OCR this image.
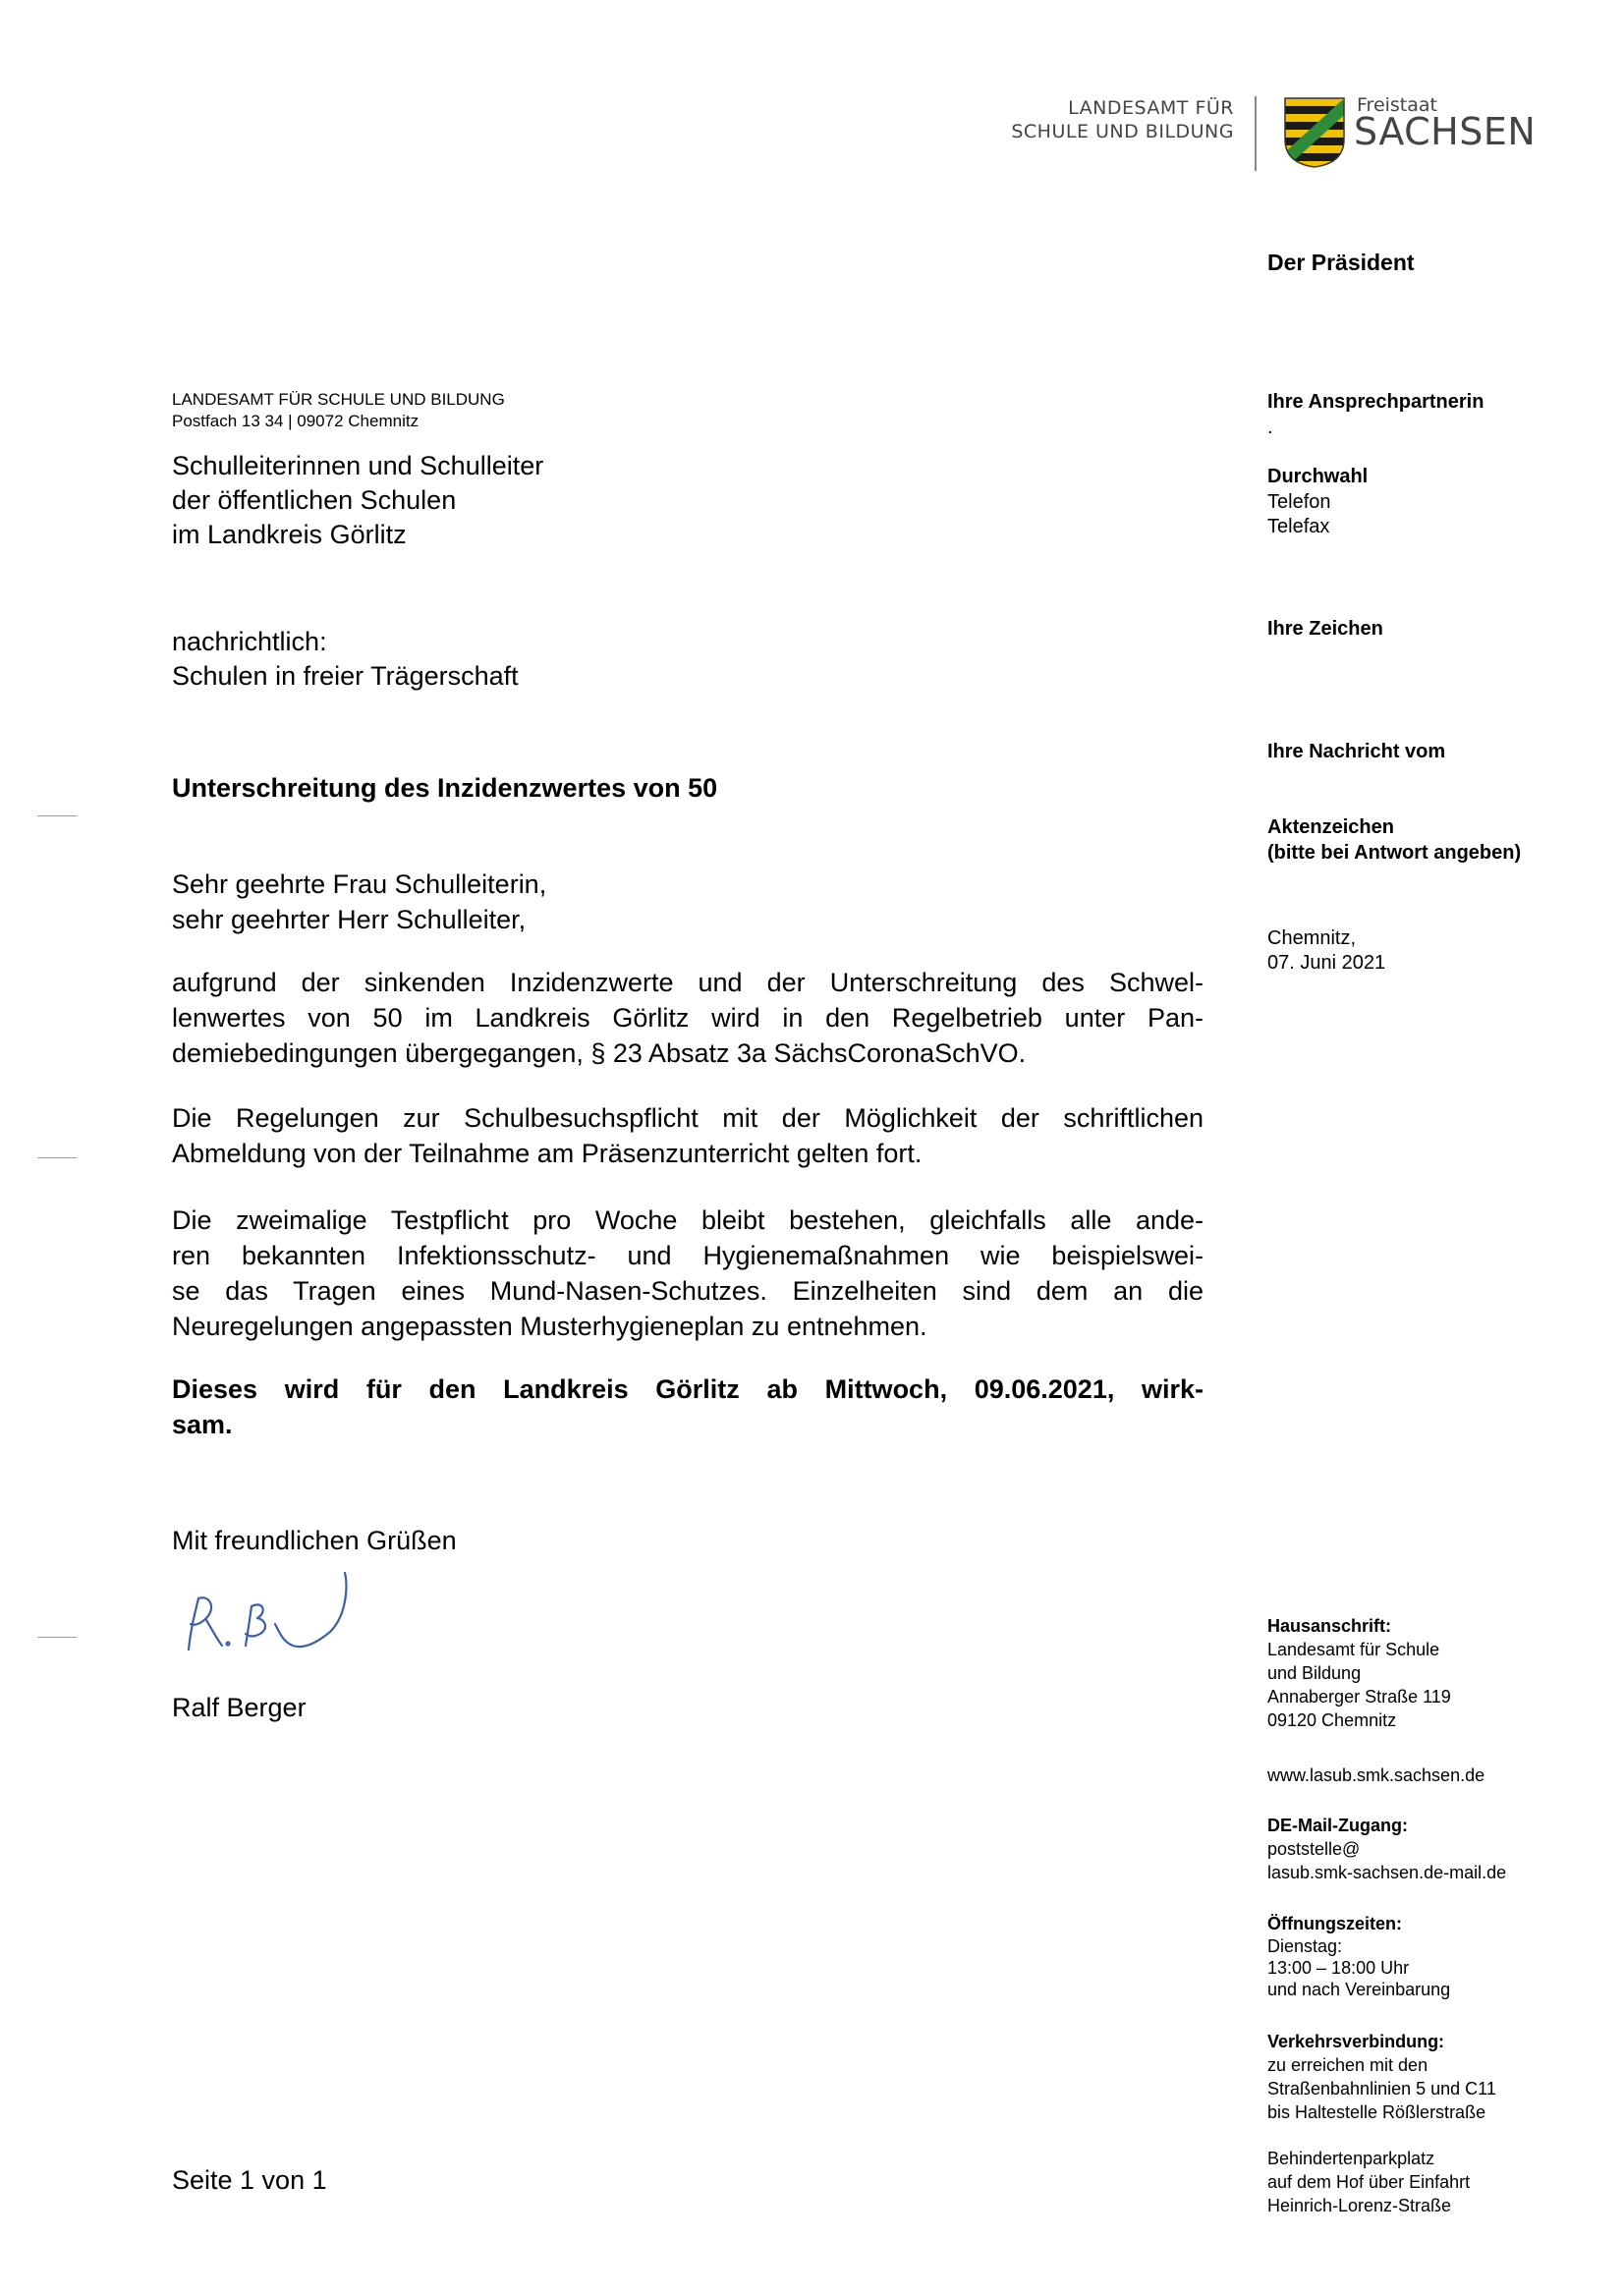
LANDESAMT FÜR
SCHULE UND BILDUNG
Freistaat
SACHSEN
Der Präsident
LANDESAMT FÜR SCHULE UND BILDUNG
Postfach 13 34 | 09072 Chemnitz
Schulleiterinnen und Schulleiter
der öffentlichen Schulen
im Landkreis Görlitz
nachrichtlich:
Schulen in freier Trägerschaft
Ihre Ansprechpartnerin
.
Durchwahl
Telefon
Telefax
Ihre Zeichen
Ihre Nachricht vom
Aktenzeichen
(bitte bei Antwort angeben)
Chemnitz,
07. Juni 2021
Unterschreitung des Inzidenzwertes von 50
Sehr geehrte Frau Schulleiterin,
sehr geehrter Herr Schulleiter,
aufgrund der sinkenden Inzidenzwerte und der Unterschreitung des Schwel-
lenwertes von 50 im Landkreis Görlitz wird in den Regelbetrieb unter Pan-
demiebedingungen übergegangen, § 23 Absatz 3a SächsCoronaSchVO.
Die Regelungen zur Schulbesuchspflicht mit der Möglichkeit der schriftlichen
Abmeldung von der Teilnahme am Präsenzunterricht gelten fort.
Die zweimalige Testpflicht pro Woche bleibt bestehen, gleichfalls alle ande-
ren bekannten Infektionsschutz- und Hygienemaßnahmen wie beispielswei-
se das Tragen eines Mund-Nasen-Schutzes. Einzelheiten sind dem an die
Neuregelungen angepassten Musterhygieneplan zu entnehmen.
Dieses wird für den Landkreis Görlitz ab Mittwoch, 09.06.2021, wirk-
sam.
Mit freundlichen Grüßen
Ralf Berger
Seite 1 von 1
Hausanschrift:
Landesamt für Schule
und Bildung
Annaberger Straße 119
09120 Chemnitz
www.lasub.smk.sachsen.de
DE-Mail-Zugang:
poststelle@
lasub.smk-sachsen.de-mail.de
Öffnungszeiten:
Dienstag:
13:00 – 18:00 Uhr
und nach Vereinbarung
Verkehrsverbindung:
zu erreichen mit den
Straßenbahnlinien 5 und C11
bis Haltestelle Rößlerstraße
Behindertenparkplatz
auf dem Hof über Einfahrt
Heinrich-Lorenz-Straße
